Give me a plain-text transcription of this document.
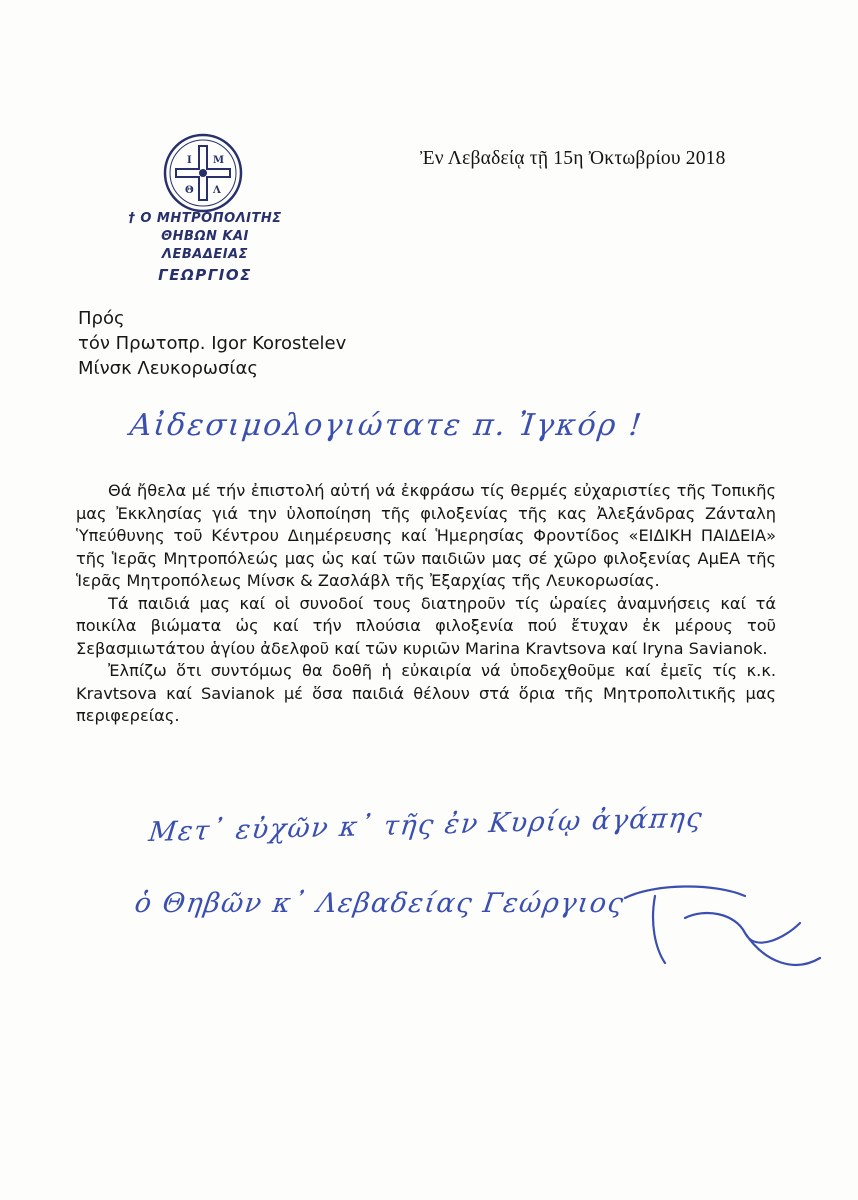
Ι Μ
Θ Λ
† Ο ΜΗΤΡΟΠΟΛΙΤΗΣ
ΘΗΒΩΝ ΚΑΙ ΛΕΒΑΔΕΙΑΣ
ΓΕΩΡΓΙΟΣ
Ἐν Λεβαδείᾳ τῇ 15η Ὀκτωβρίου 2018
Πρός
τόν Πρωτοπρ. Igor Korostelev
Μίνσκ Λευκορωσίας
Αἰδεσιμολογιώτατε π. Ἰγκόρ !

Θά ἤθελα μέ τήν ἐπιστολή αὐτή νά ἐκφράσω τίς θερμές εὐχαριστίες τῆς Τοπικῆς μας Ἐκκλησίας γιά την ὑλοποίηση τῆς φιλοξενίας τῆς κας Ἀλεξάνδρας Ζάνταλη Ὑπεύθυνης τοῦ Κέντρου Διημέρευσης καί Ἡμερησίας Φροντίδος «ΕΙΔΙΚΗ ΠΑΙΔΕΙΑ» τῆς Ἱερᾶς Μητροπόλεώς μας ὡς καί τῶν παιδιῶν μας σέ χῶρο φιλοξενίας ΑμΕΑ τῆς Ἱερᾶς Μητροπόλεως Μίνσκ & Ζασλάβλ τῆς Ἐξαρχίας τῆς Λευκορωσίας.

Τά παιδιά μας καί οἱ συνοδοί τους διατηροῦν τίς ὡραίες ἀναμνήσεις καί τά ποικίλα βιώματα ὡς καί τήν πλούσια φιλοξενία πού ἔτυχαν ἐκ μέρους τοῦ Σεβασμιωτάτου ἁγίου ἀδελφοῦ καί τῶν κυριῶν Marina Kravtsova καί Iryna Savianok.

Ἐλπίζω ὅτι συντόμως θα δοθῆ ἡ εὐκαιρία νά ὑποδεχθοῦμε καί ἐμεῖς τίς κ.κ. Kravtsova καί Savianok μέ ὅσα παιδιά θέλουν στά ὅρια τῆς Μητροπολιτικῆς μας περιφερείας.

Μετ᾽ εὐχῶν κ᾽ τῆς ἐν Κυρίῳ ἀγάπης
ὁ Θηβῶν κ᾽ Λεβαδείας Γεώργιος
